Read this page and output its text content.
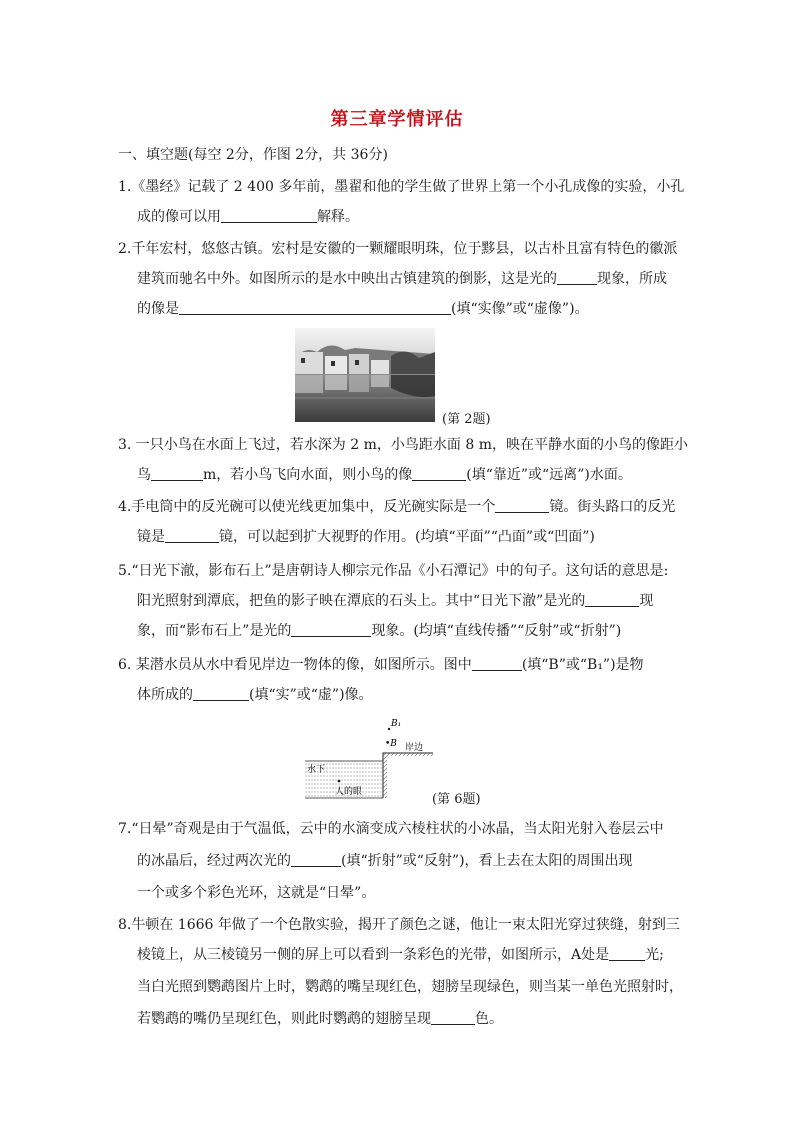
第三章学情评估
一、填空题(每空 2分，作图 2分，共 36分)
1.《墨经》记载了 2 400 多年前，墨翟和他的学生做了世界上第一个小孔成像的实验，小孔
成的像可以用	解释。
2.千年宏村，悠悠古镇。宏村是安徽的一颗耀眼明珠，位于黟县，以古朴且富有特色的徽派
建筑而驰名中外。如图所示的是水中映出古镇建筑的倒影，这是光的	现象，所成
的像是	(填“实像”或“虚像”)。
(第 2题)
3. 一只小鸟在水面上飞过，若水深为 2 m，小鸟距水面 8 m，映在平静水面的小鸟的像距小
鸟	m，若小鸟飞向水面，则小鸟的像	(填“靠近”或“远离”)水面。
4.手电筒中的反光碗可以使光线更加集中，反光碗实际是一个	镜。街头路口的反光
镜是	镜，可以起到扩大视野的作用。(均填“平面”“凸面”或“凹面”)
5.“日光下澈，影布石上”是唐朝诗人柳宗元作品《小石潭记》中的句子。这句话的意思是:
阳光照射到潭底，把鱼的影子映在潭底的石头上。其中“日光下澈”是光的	现
象，而“影布石上”是光的	现象。(均填“直线传播”“反射”或“折射”)
6. 某潜水员从水中看见岸边一物体的像，如图所示。图中	(填“B”或“B₁”)是物
体所成的	(填“实”或“虚”)像。
B₁
•B 岸边
水下
人的眼	(第 6题)
7.“日晕”奇观是由于气温低，云中的水滴变成六棱柱状的小冰晶，当太阳光射入卷层云中
的冰晶后，经过两次光的	(填“折射”或“反射”)，看上去在太阳的周围出现
一个或多个彩色光环，这就是“日晕”。
8.牛顿在 1666 年做了一个色散实验，揭开了颜色之谜，他让一束太阳光穿过狭缝，射到三
棱镜上，从三棱镜另一侧的屏上可以看到一条彩色的光带，如图所示，A处是	光;
当白光照到鹦鹉图片上时，鹦鹉的嘴呈现红色，翅膀呈现绿色，则当某一单色光照射时，
若鹦鹉的嘴仍呈现红色，则此时鹦鹉的翅膀呈现	色。
